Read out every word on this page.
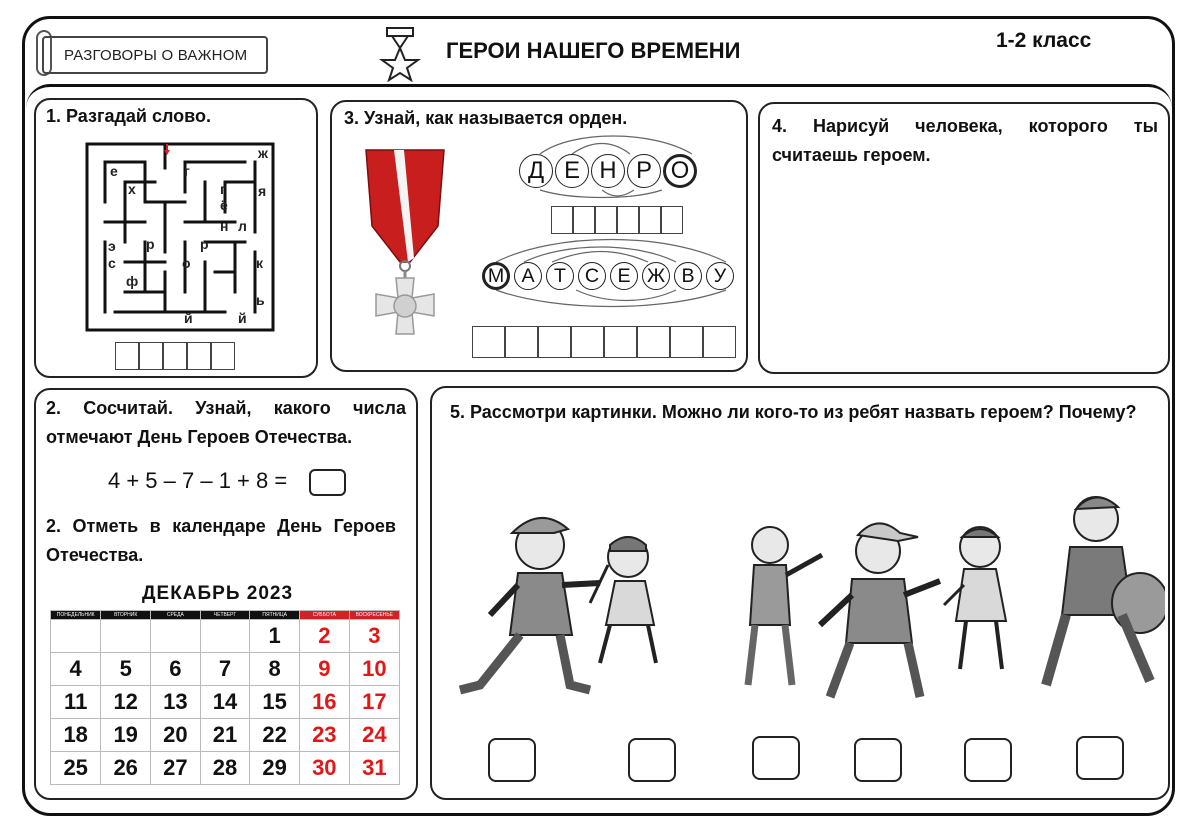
РАЗГОВОРЫ О ВАЖНОМ	ГЕРОИ НАШЕГО ВРЕМЕНИ	1-2 класс
1. Разгадай слово.
ж
е	г
х	г я
ё
н л
э р	р
с	о	к
ф
ь
й	й
3. Узнай, как называется орден.
Д Е Н Р О
М А Т С Е Ж В У
4. Нарисуй человека, которого ты считаешь героем.
2. Сосчитай. Узнай, какого числа отмечают День Героев Отечества.
4 + 5 – 7 – 1 + 8 =
2. Отметь в календаре День Героев Отечества.
ДЕКАБРЬ 2023
ПОНЕДЕЛЬНИК	ВТОРНИК	СРЕДА	ЧЕТВЕРГ	ПЯТНИЦА	СУББОТА	ВОСКРЕСЕНЬЕ
				1	2	3
4	5	6	7	8	9	10
11	12	13	14	15	16	17
18	19	20	21	22	23	24
25	26	27	28	29	30	31
5. Рассмотри картинки. Можно ли кого-то из ребят назвать героем? Почему?
